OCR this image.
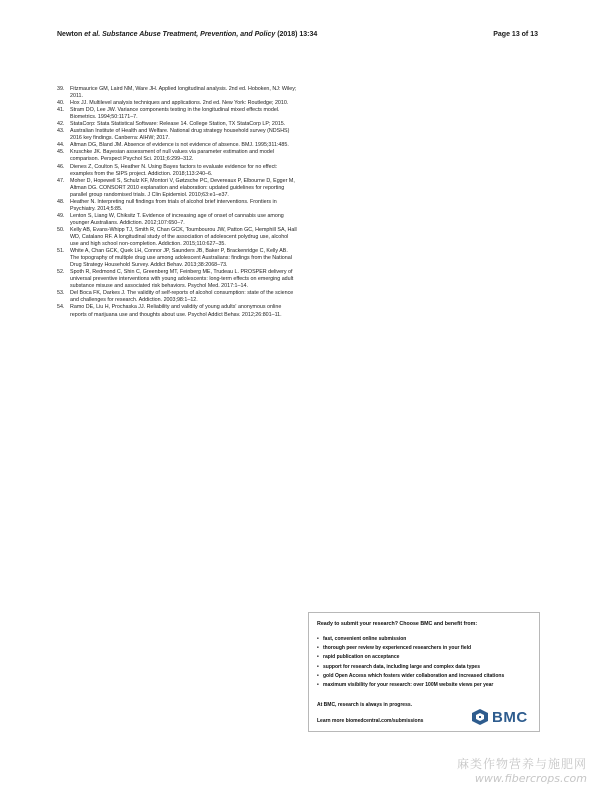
Newton et al. Substance Abuse Treatment, Prevention, and Policy (2018) 13:34	Page 13 of 13
39.	Fitzmaurice GM, Laird NM, Ware JH. Applied longitudinal analysis. 2nd ed. Hoboken, NJ: Wiley; 2011.
40.	Hox JJ. Multilevel analysis techniques and applications. 2nd ed. New York: Routledge; 2010.
41.	Stram DO, Lee JW. Variance components testing in the longitudinal mixed effects model. Biometrics. 1994;50:1171–7.
42.	StataCorp: Stata Statistical Software: Release 14. College Station, TX StataCorp LP; 2015.
43.	Australian Institute of Health and Welfare. National drug strategy household survey (NDSHS) 2016 key findings. Canberra: AIHW; 2017.
44.	Altman DG, Bland JM. Absence of evidence is not evidence of absence. BMJ. 1995;311:485.
45.	Kruschke JK. Bayesian assessment of null values via parameter estimation and model comparison. Perspect Psychol Sci. 2011;6:299–312.
46.	Dienes Z, Coulton S, Heather N. Using Bayes factors to evaluate evidence for no effect: examples from the SIPS project. Addiction. 2018;113:240–6.
47.	Moher D, Hopewell S, Schulz KF, Montori V, Gøtzsche PC, Devereaux P, Elbourne D, Egger M, Altman DG. CONSORT 2010 explanation and elaboration: updated guidelines for reporting parallel group randomised trials. J Clin Epidemiol. 2010;63:e1–e37.
48.	Heather N. Interpreting null findings from trials of alcohol brief interventions. Frontiers in Psychiatry. 2014;5:85.
49.	Lenton S, Liang W, Chiksitz T. Evidence of increasing age of onset of cannabis use among younger Australians. Addiction. 2012;107:650–7.
50.	Kelly AB, Evans-Whipp TJ, Smith R, Chan GCK, Toumbourou JW, Patton GC, Hemphill SA, Hall WD, Catalano RF. A longitudinal study of the association of adolescent polydrug use, alcohol use and high school non-completion. Addiction. 2015;110:627–35.
51.	White A, Chan GCK, Quek LH, Connor JP, Saunders JB, Baker P, Brackenridge C, Kelly AB. The topography of multiple drug use among adolescent Australians: findings from the National Drug Strategy Household Survey. Addict Behav. 2013;38:2068–73.
52.	Spoth R, Redmond C, Shin C, Greenberg MT, Feinberg ME, Trudeau L. PROSPER delivery of universal preventive interventions with young adolescents: long-term effects on emerging adult substance misuse and associated risk behaviors. Psychol Med. 2017:1–14.
53.	Del Boca FK, Darkes J. The validity of self-reports of alcohol consumption: state of the science and challenges for research. Addiction. 2003;98:1–12.
54.	Ramo DE, Liu H, Prochaska JJ. Reliability and validity of young adults' anonymous online reports of marijuana use and thoughts about use. Psychol Addict Behav. 2012;26:801–11.
Ready to submit your research? Choose BMC and benefit from:
• fast, convenient online submission
• thorough peer review by experienced researchers in your field
• rapid publication on acceptance
• support for research data, including large and complex data types
• gold Open Access which fosters wider collaboration and increased citations
• maximum visibility for your research: over 100M website views per year
At BMC, research is always in progress.
Learn more biomedcentral.com/submissions	BMC
麻类作物营养与施肥网
www.fibercrops.com
